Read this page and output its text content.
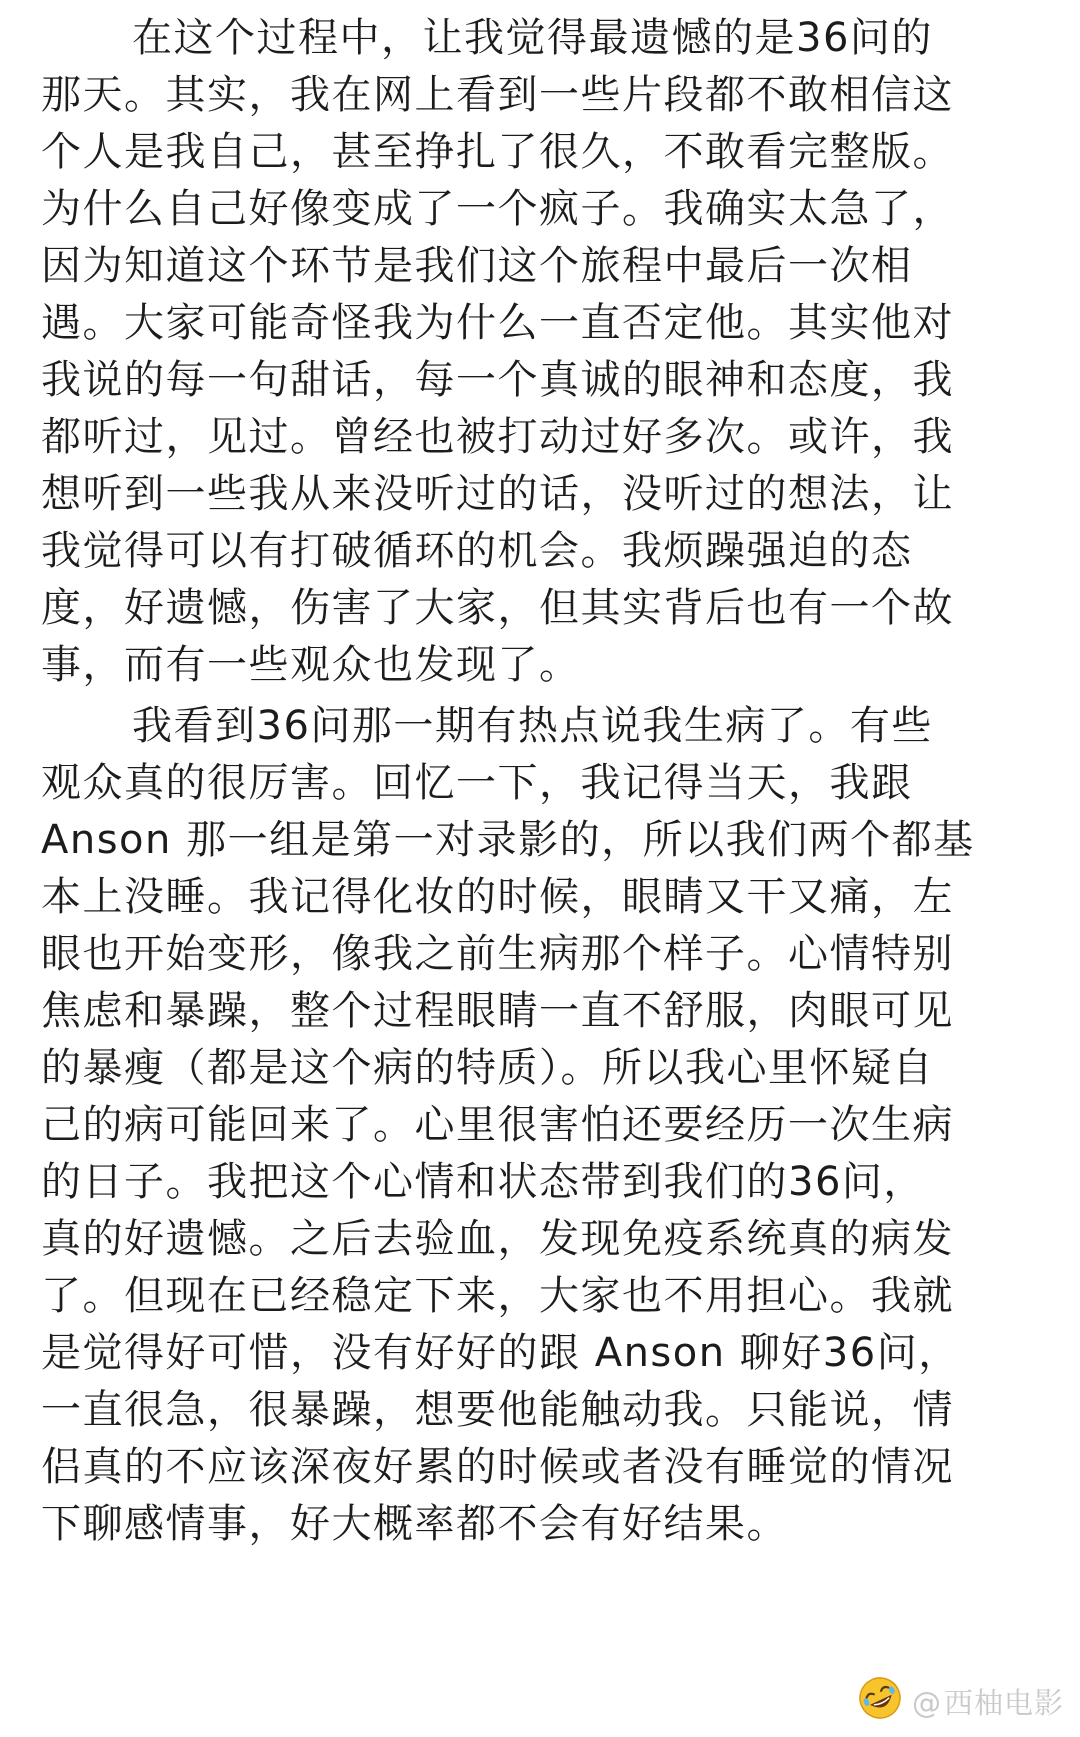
在这个过程中，让我觉得最遗憾的是36问的
那天。其实，我在网上看到一些片段都不敢相信这
个人是我自己，甚至挣扎了很久，不敢看完整版。
为什么自己好像变成了一个疯子。我确实太急了，
因为知道这个环节是我们这个旅程中最后一次相
遇。大家可能奇怪我为什么一直否定他。其实他对
我说的每一句甜话，每一个真诚的眼神和态度，我
都听过，见过。曾经也被打动过好多次。或许，我
想听到一些我从来没听过的话，没听过的想法，让
我觉得可以有打破循环的机会。我烦躁强迫的态
度，好遗憾，伤害了大家，但其实背后也有一个故
事，而有一些观众也发现了。
我看到36问那一期有热点说我生病了。有些
观众真的很厉害。回忆一下，我记得当天，我跟
Anson 那一组是第一对录影的，所以我们两个都基
本上没睡。我记得化妆的时候，眼睛又干又痛，左
眼也开始变形，像我之前生病那个样子。心情特别
焦虑和暴躁，整个过程眼睛一直不舒服，肉眼可见
的暴瘦（都是这个病的特质）。所以我心里怀疑自
己的病可能回来了。心里很害怕还要经历一次生病
的日子。我把这个心情和状态带到我们的36问，
真的好遗憾。之后去验血，发现免疫系统真的病发
了。但现在已经稳定下来，大家也不用担心。我就
是觉得好可惜，没有好好的跟 Anson 聊好36问，
一直很急，很暴躁，想要他能触动我。只能说，情
侣真的不应该深夜好累的时候或者没有睡觉的情况
下聊感情事，好大概率都不会有好结果。
@西柚电影
